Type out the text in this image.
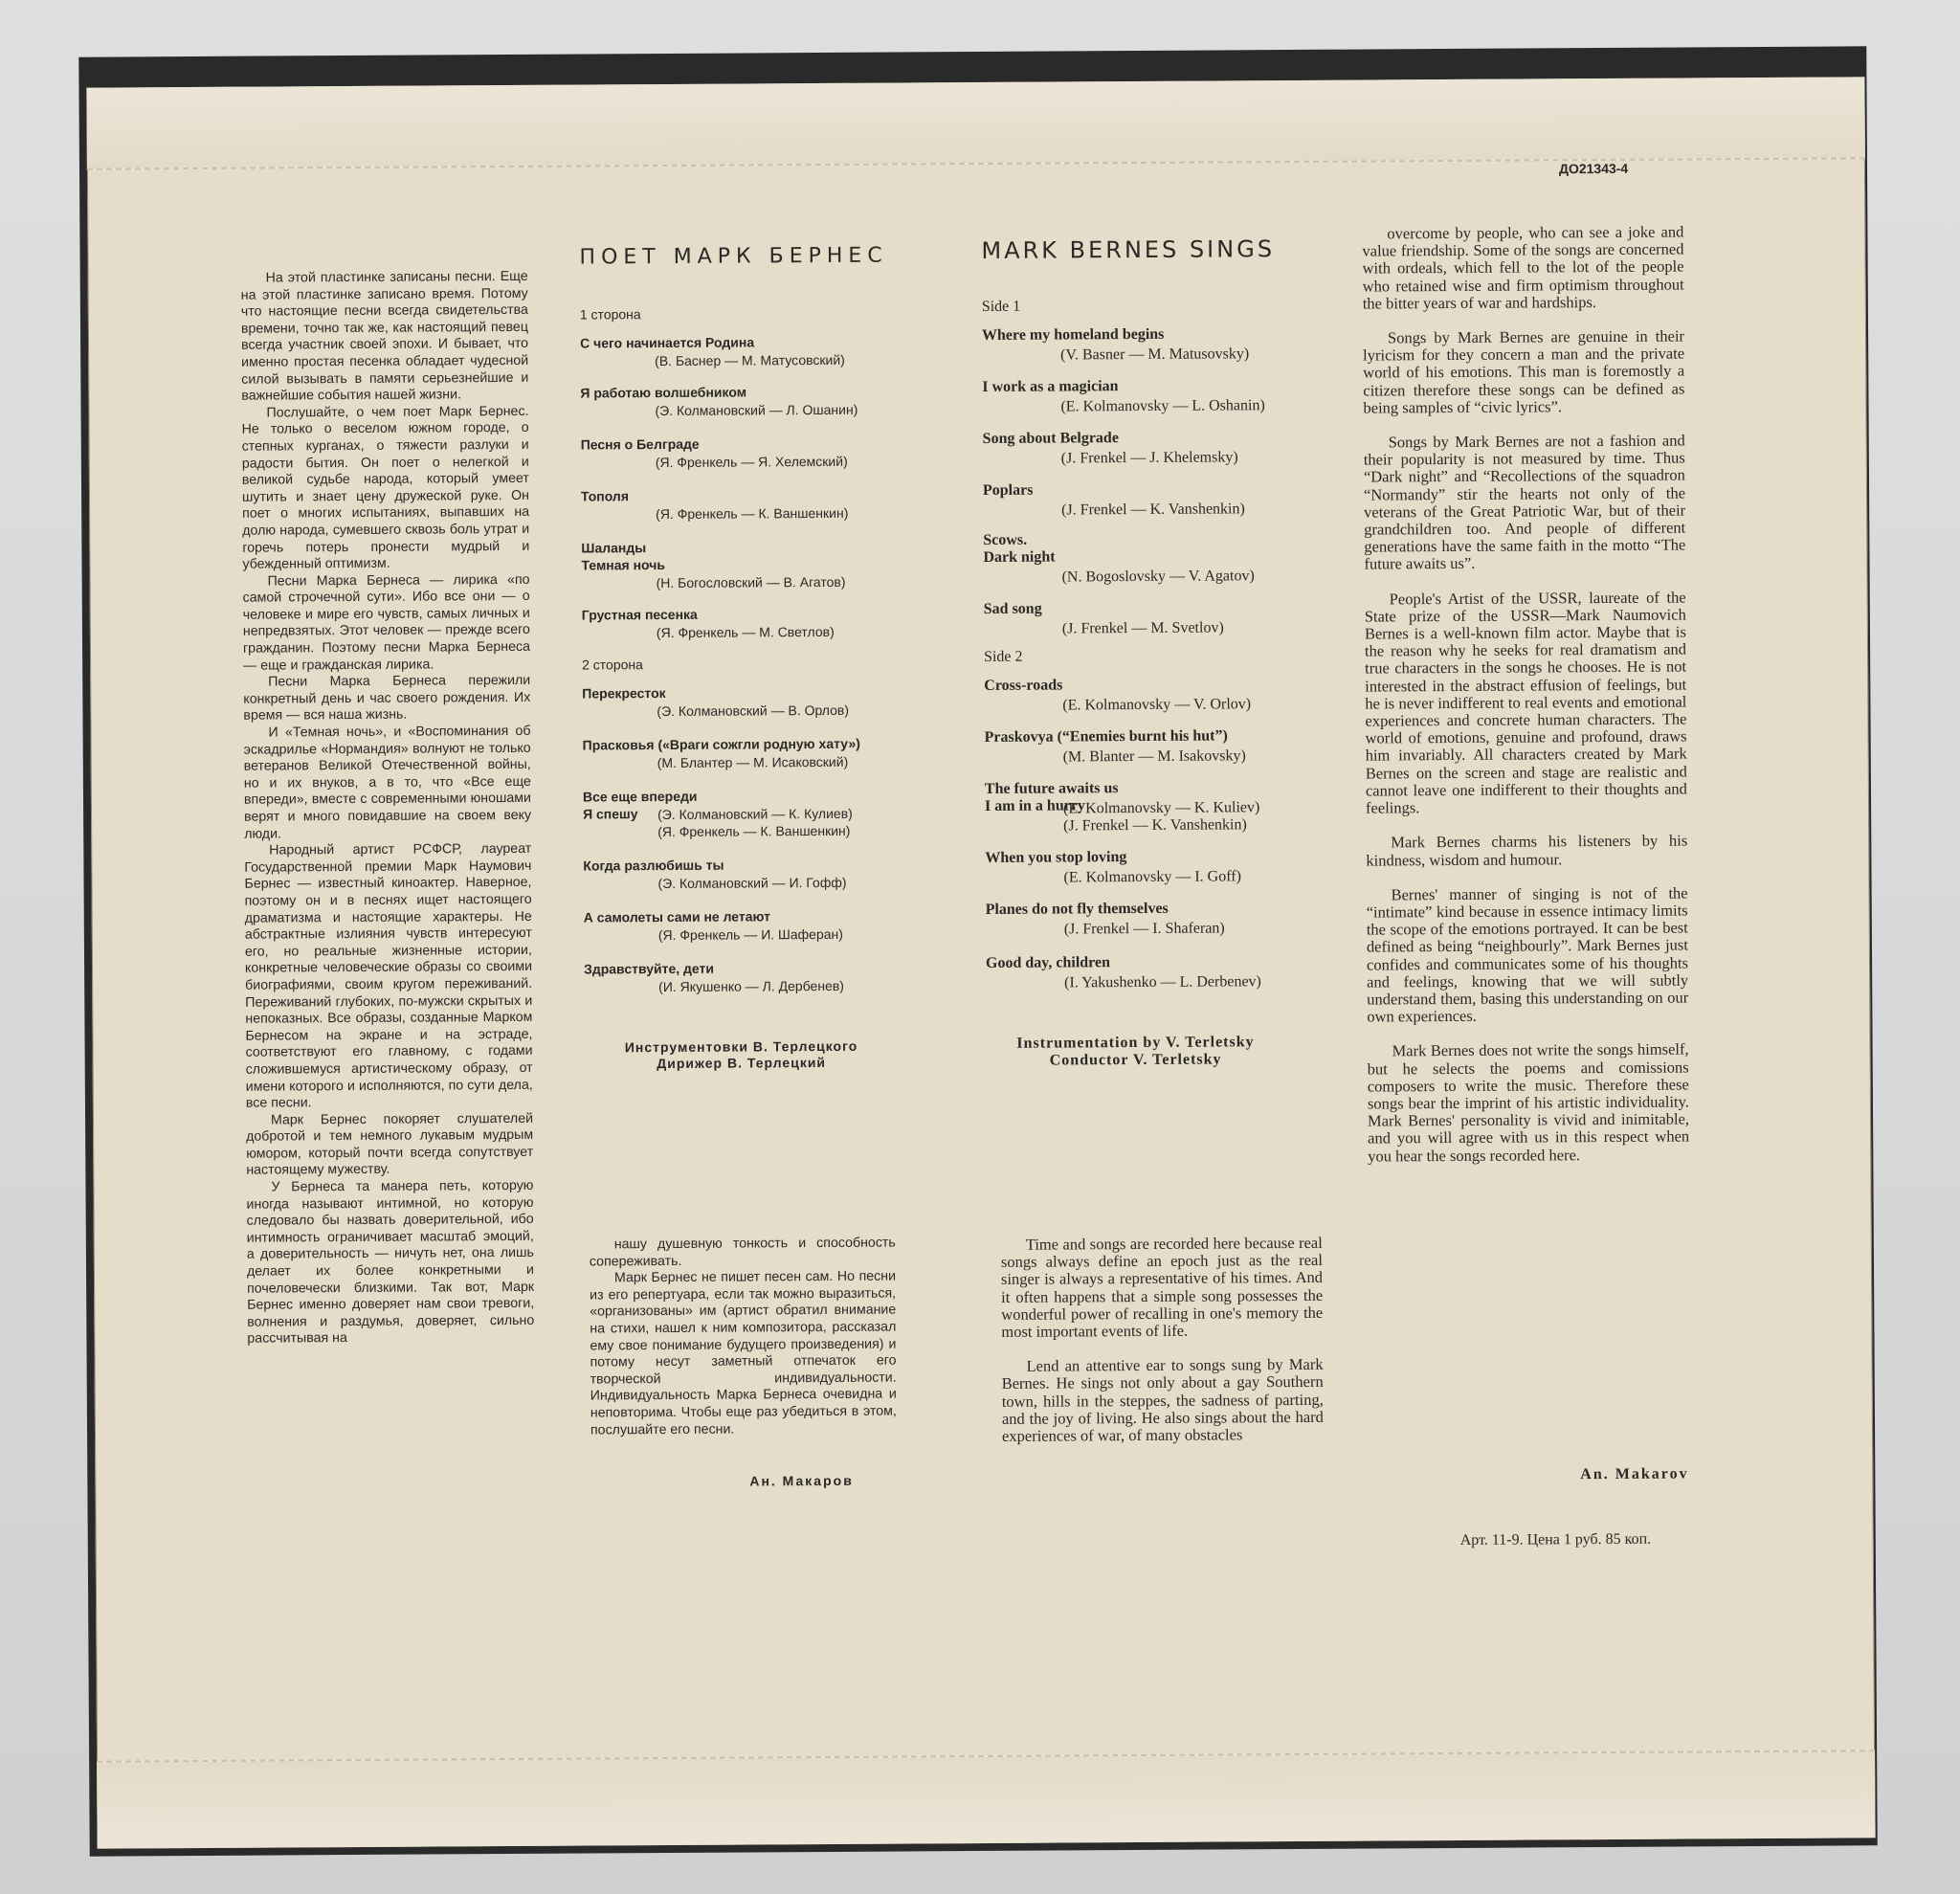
ДО21343-4

На этой пластинке записаны песни. Еще на этой пластинке записано время. Потому что настоящие песни всегда свидетельства времени, точно так же, как настоящий певец всегда участник своей эпохи. И бывает, что именно простая песенка обладает чудесной силой вызывать в памяти серьезнейшие и важнейшие события нашей жизни.

Послушайте, о чем поет Марк Бернес. Не только о веселом южном городе, о степных курганах, о тяжести разлуки и радости бытия. Он поет о нелегкой и великой судьбе народа, который умеет шутить и знает цену дружеской руке. Он поет о многих испытаниях, выпавших на долю народа, сумевшего сквозь боль утрат и горечь потерь пронести мудрый и убежденный оптимизм.

Песни Марка Бернеса — лирика «по самой строчечной сути». Ибо все они — о человеке и мире его чувств, самых личных и непредвзятых. Этот человек — прежде всего гражданин. Поэтому песни Марка Бернеса — еще и гражданская лирика.

Песни Марка Бернеса пережили конкретный день и час своего рождения. Их время — вся наша жизнь.

И «Темная ночь», и «Воспоминания об эскадрилье «Нормандия» волнуют не только ветеранов Великой Отечественной войны, но и их внуков, а в то, что «Все еще впереди», вместе с современными юношами верят и много повидавшие на своем веку люди.

Народный артист РСФСР, лауреат Государственной премии Марк Наумович Бернес — известный киноактер. Наверное, поэтому он и в песнях ищет настоящего драматизма и настоящие характеры. Не абстрактные излияния чувств интересуют его, но реальные жизненные истории, конкретные человеческие образы со своими биографиями, своим кругом переживаний. Переживаний глубоких, по-мужски скрытых и непоказных. Все образы, созданные Марком Бернесом на экране и на эстраде, соответствуют его главному, с годами сложившемуся артистическому образу, от имени которого и исполняются, по сути дела, все песни.

Марк Бернес покоряет слушателей добротой и тем немного лукавым мудрым юмором, который почти всегда сопутствует настоящему мужеству.

У Бернеса та манера петь, которую иногда называют интимной, но которую следовало бы назвать доверительной, ибо интимность ограничивает масштаб эмоций, а доверительность — ничуть нет, она лишь делает их более конкретными и почеловечески близкими. Так вот, Марк Бернес именно доверяет нам свои тревоги, волнения и раздумья, доверяет, сильно рассчитывая на

ПОЕТ МАРК БЕРНЕС	MARK BERNES SINGS
1 сторона
С чего начинается Родина
(В. Баснер — М. Матусовский)
Я работаю волшебником
(Э. Колмановский — Л. Ошанин)
Песня о Белграде
(Я. Френкель — Я. Хелемский)
Тополя
(Я. Френкель — К. Ваншенкин)
Шаланды
Темная ночь
(Н. Богословский — В. Агатов)
Грустная песенка
(Я. Френкель — М. Светлов)
2 сторона
Перекресток
(Э. Колмановский — В. Орлов)
Прасковья («Враги сожгли родную хату»)
(М. Блантер — М. Исаковский)
Все еще впереди
(Э. Колмановский — К. Кулиев)
Я спешу
(Я. Френкель — К. Ваншенкин)
Когда разлюбишь ты
(Э. Колмановский — И. Гофф)
А самолеты сами не летают
(Я. Френкель — И. Шаферан)
Здравствуйте, дети
(И. Якушенко — Л. Дербенев)
Side 1
Where my homeland begins
(V. Basner — M. Matusovsky)
I work as a magician
(E. Kolmanovsky — L. Oshanin)
Song about Belgrade
(J. Frenkel — J. Khelemsky)
Poplars
(J. Frenkel — K. Vanshenkin)
Scows.
Dark night
(N. Bogoslovsky — V. Agatov)
Sad song
(J. Frenkel — M. Svetlov)
Side 2
Cross-roads
(E. Kolmanovsky — V. Orlov)
Praskovya (“Enemies burnt his hut”)
(M. Blanter — M. Isakovsky)
The future awaits us
(E. Kolmanovsky — K. Kuliev)
I am in a hurry
(J. Frenkel — K. Vanshenkin)
When you stop loving
(E. Kolmanovsky — I. Goff)
Planes do not fly themselves
(J. Frenkel — I. Shaferan)
Good day, children
(I. Yakushenko — L. Derbenev)
Инструментовки В. Терлецкого
Дирижер В. Терлецкий
Instrumentation by V. Terletsky
Conductor V. Terletsky

нашу душевную тонкость и способность сопереживать.

Марк Бернес не пишет песен сам. Но песни из его репертуара, если так можно выразиться, «организованы» им (артист обратил внимание на стихи, нашел к ним композитора, рассказал ему свое понимание будущего произведения) и потому несут заметный отпечаток его творческой индивидуальности. Индивидуальность Марка Бернеса очевидна и неповторима. Чтобы еще раз убедиться в этом, послушайте его песни.

Ан. Макаров

Time and songs are recorded here because real songs always define an epoch just as the real singer is always a representative of his times. And it often happens that a simple song possesses the wonderful power of recalling in one's memory the most important events of life.

Lend an attentive ear to songs sung by Mark Bernes. He sings not only about a gay Southern town, hills in the steppes, the sadness of parting, and the joy of living. He also sings about the hard experiences of war, of many obstacles

overcome by people, who can see a joke and value friendship. Some of the songs are concerned with ordeals, which fell to the lot of the people who retained wise and firm optimism throughout the bitter years of war and hardships.

Songs by Mark Bernes are genuine in their lyricism for they concern a man and the private world of his emotions. This man is foremostly a citizen therefore these songs can be defined as being samples of “civic lyrics”.

Songs by Mark Bernes are not a fashion and their popularity is not measured by time. Thus “Dark night” and “Recollections of the squadron “Normandy” stir the hearts not only of the veterans of the Great Patriotic War, but of their grandchildren too. And people of different generations have the same faith in the motto “The future awaits us”.

People's Artist of the USSR, laureate of the State prize of the USSR—Mark Naumovich Bernes is a well-known film actor. Maybe that is the reason why he seeks for real dramatism and true characters in the songs he chooses. He is not interested in the abstract effusion of feelings, but he is never indifferent to real events and emotional experiences and concrete human characters. The world of emotions, genuine and profound, draws him invariably. All characters created by Mark Bernes on the screen and stage are realistic and cannot leave one indifferent to their thoughts and feelings.

Mark Bernes charms his listeners by his kindness, wisdom and humour.

Bernes' manner of singing is not of the “intimate” kind because in essence intimacy limits the scope of the emotions portrayed. It can be best defined as being “neighbourly”. Mark Bernes just confides and communicates some of his thoughts and feelings, knowing that we will subtly understand them, basing this understanding on our own experiences.

Mark Bernes does not write the songs himself, but he selects the poems and comissions composers to write the music. Therefore these songs bear the imprint of his artistic individuality. Mark Bernes' personality is vivid and inimitable, and you will agree with us in this respect when you hear the songs recorded here.

An. Makarov
Арт. 11-9. Цена 1 руб. 85 коп.
